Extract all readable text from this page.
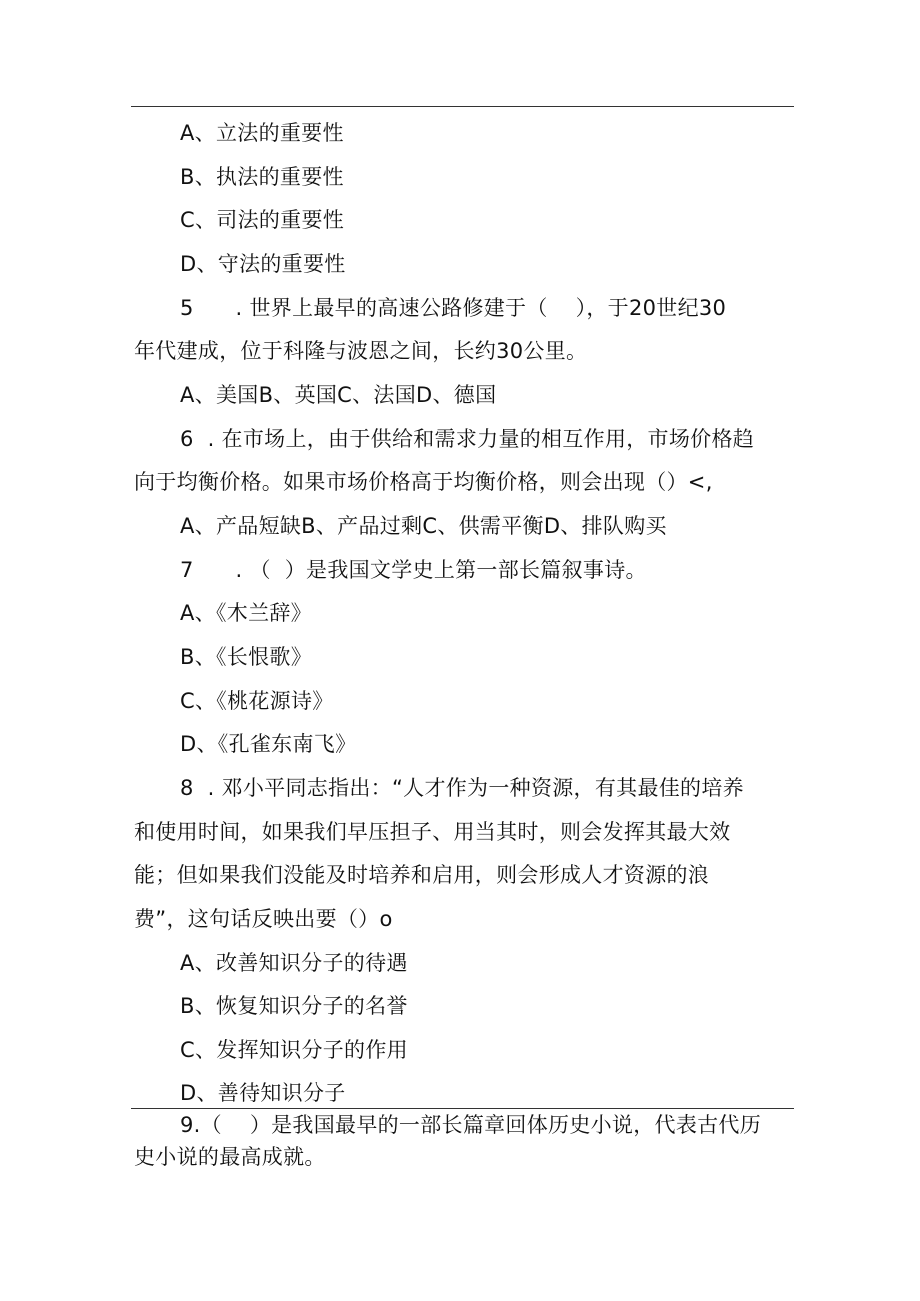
A、立法的重要性
B、执法的重要性
C、司法的重要性
D、守法的重要性
5      . 世界上最早的高速公路修建于（    ），于20世纪30
年代建成，位于科隆与波恩之间，长约30公里。
A、美国B、英国C、法国D、德国
6  . 在市场上，由于供给和需求力量的相互作用，市场价格趋
向于均衡价格。如果市场价格高于均衡价格，则会出现（）<,
A、产品短缺B、产品过剩C、供需平衡D、排队购买
7      . （  ）是我国文学史上第一部长篇叙事诗。
A、《木兰辞》
B、《长恨歌》
C、《桃花源诗》
D、《孔雀东南飞》
8  . 邓小平同志指出：“人才作为一种资源，有其最佳的培养
和使用时间，如果我们早压担子、用当其时，则会发挥其最大效
能；但如果我们没能及时培养和启用，则会形成人才资源的浪
费”，这句话反映出要（）o
A、改善知识分子的待遇
B、恢复知识分子的名誉
C、发挥知识分子的作用
D、善待知识分子
9.（    ）是我国最早的一部长篇章回体历史小说，代表古代历
史小说的最高成就。
